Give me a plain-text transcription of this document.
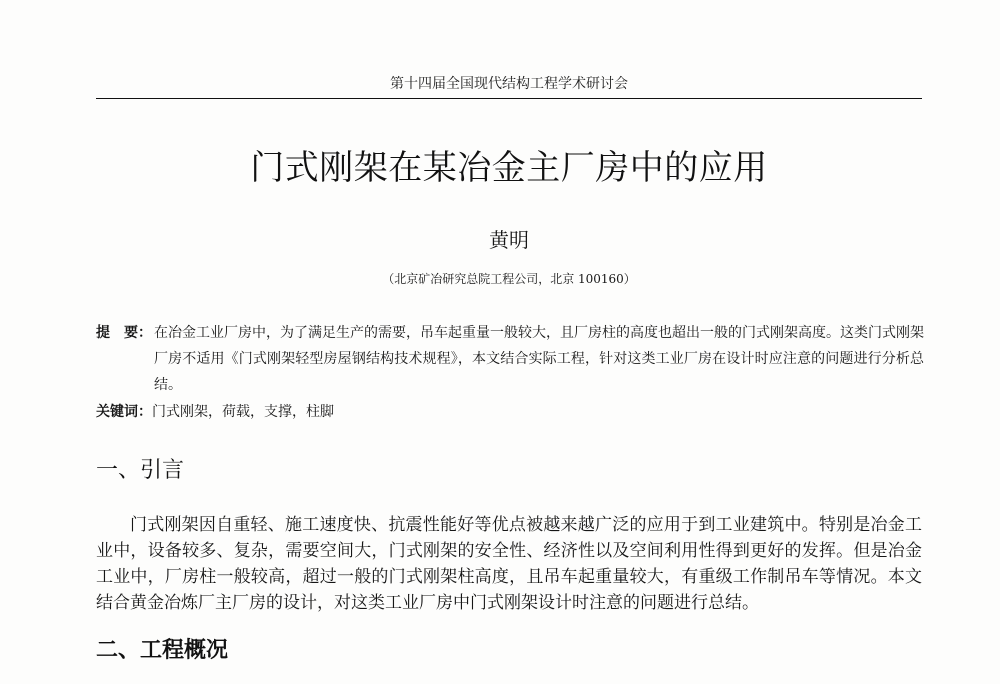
第十四届全国现代结构工程学术研讨会
门式刚架在某冶金主厂房中的应用
黄明
（北京矿冶研究总院工程公司，北京 100160）
提　要： 在冶金工业厂房中，为了满足生产的需要，吊车起重量一般较大，且厂房柱的高度也超出一般的门式刚架高度。这类门式刚架厂房不适用《门式刚架轻型房屋钢结构技术规程》，本文结合实际工程，针对这类工业厂房在设计时应注意的问题进行分析总结。
关键词：门式刚架，荷载，支撑，柱脚
一、引言
门式刚架因自重轻、施工速度快、抗震性能好等优点被越来越广泛的应用于到工业建筑中。特别是冶金工业中，设备较多、复杂，需要空间大，门式刚架的安全性、经济性以及空间利用性得到更好的发挥。但是冶金工业中，厂房柱一般较高，超过一般的门式刚架柱高度，且吊车起重量较大，有重级工作制吊车等情况。本文结合黄金冶炼厂主厂房的设计，对这类工业厂房中门式刚架设计时注意的问题进行总结。
二、工程概况
